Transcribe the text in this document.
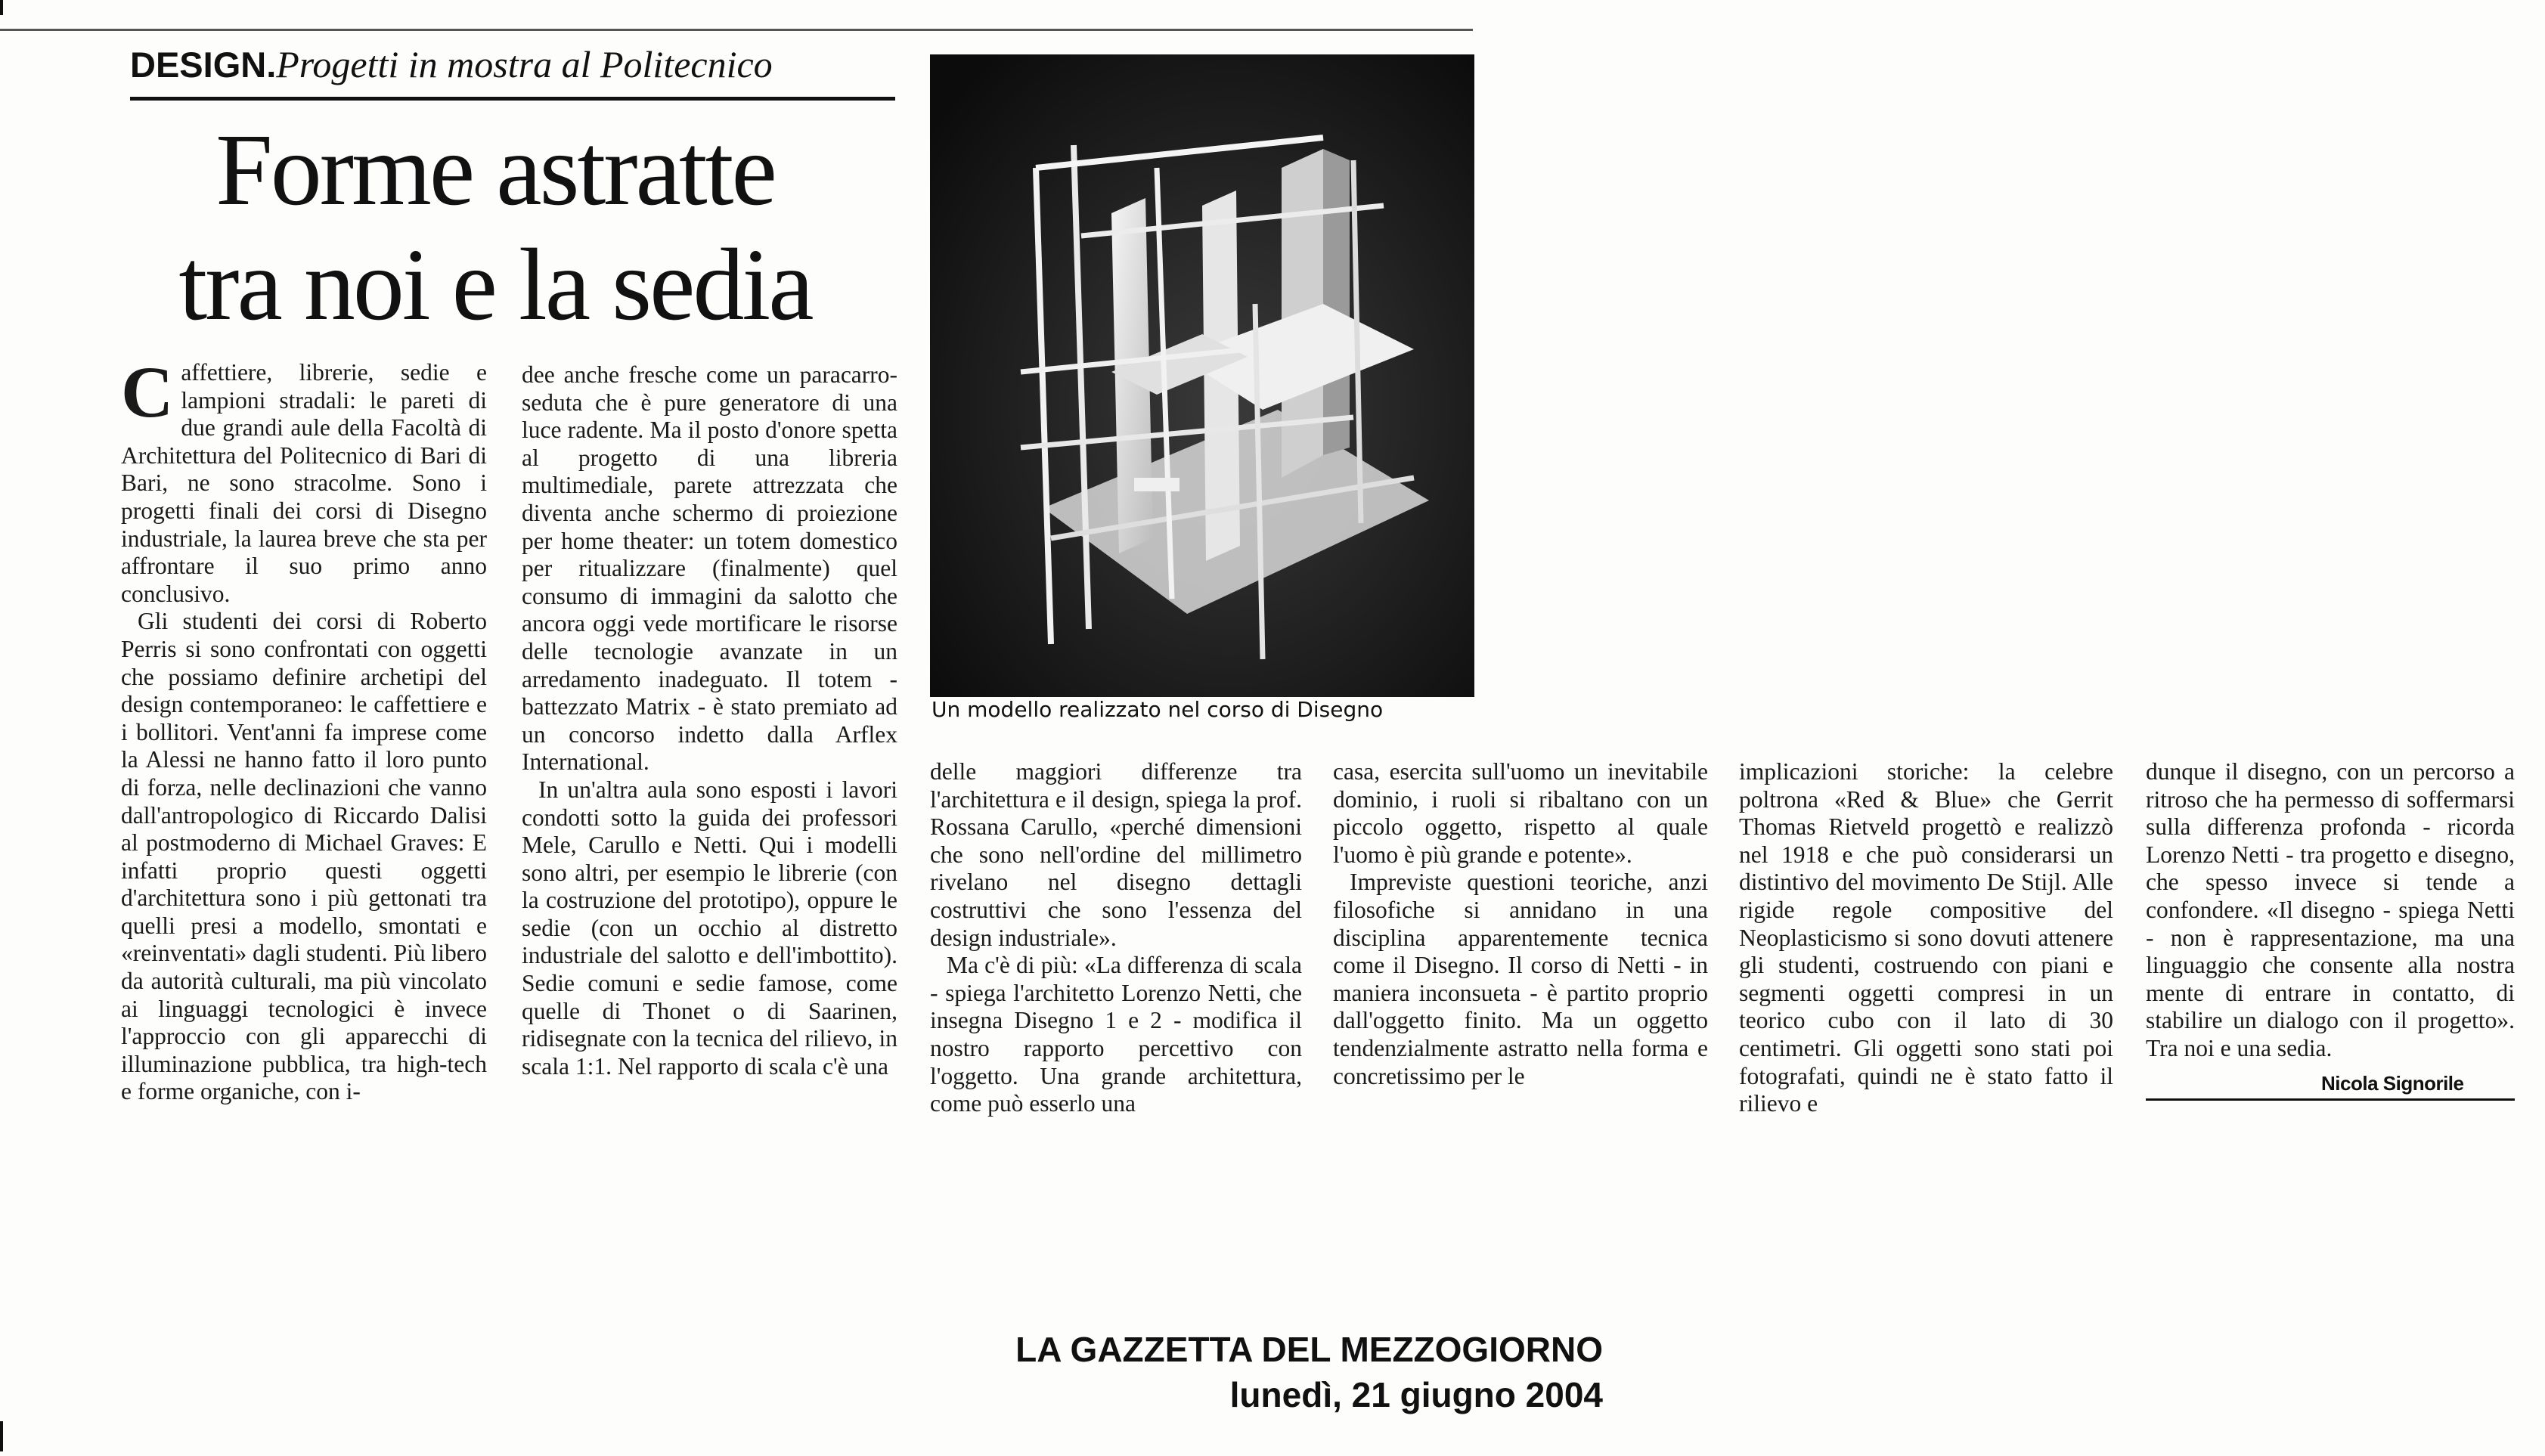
DESIGN.Progetti in mostra al Politecnico
Forme astratte
tra noi e la sedia
Un modello realizzato nel corso di Disegno

Caffettiere, librerie, sedie e lampioni stradali: le pareti di due grandi aule della Facoltà di Architettura del Politecnico di Bari di Bari, ne sono stracolme. Sono i progetti finali dei corsi di Disegno industriale, la laurea breve che sta per affrontare il suo primo anno conclusivo.

Gli studenti dei corsi di Roberto Perris si sono confrontati con oggetti che possiamo definire archetipi del design contemporaneo: le caffettiere e i bollitori. Vent'anni fa imprese come la Alessi ne hanno fatto il loro punto di forza, nelle declinazioni che vanno dall'antropologico di Riccardo Dalisi al postmoderno di Michael Graves: E infatti proprio questi oggetti d'architettura sono i più gettonati tra quelli presi a modello, smontati e «reinventati» dagli studenti. Più libero da autorità culturali, ma più vincolato ai linguaggi tecnologici è invece l'approccio con gli apparecchi di illuminazione pubblica, tra high-tech e forme organiche, con i-

dee anche fresche come un paracarro-seduta che è pure generatore di una luce radente. Ma il posto d'onore spetta al progetto di una libreria multimediale, parete attrezzata che diventa anche schermo di proiezione per home theater: un totem domestico per ritualizzare (finalmente) quel consumo di immagini da salotto che ancora oggi vede mortificare le risorse delle tecnologie avanzate in un arredamento inadeguato. Il totem - battezzato Matrix - è stato premiato ad un concorso indetto dalla Arflex International.

In un'altra aula sono esposti i lavori condotti sotto la guida dei professori Mele, Carullo e Netti. Qui i modelli sono altri, per esempio le librerie (con la costruzione del prototipo), oppure le sedie (con un occhio al distretto industriale del salotto e dell'imbottito). Sedie comuni e sedie famose, come quelle di Thonet o di Saarinen, ridisegnate con la tecnica del rilievo, in scala 1:1. Nel rapporto di scala c'è una

delle maggiori differenze tra l'architettura e il design, spiega la prof. Rossana Carullo, «perché dimensioni che sono nell'ordine del millimetro rivelano nel disegno dettagli costruttivi che sono l'essenza del design industriale».

Ma c'è di più: «La differenza di scala - spiega l'architetto Lorenzo Netti, che insegna Disegno 1 e 2 - modifica il nostro rapporto percettivo con l'oggetto. Una grande architettura, come può esserlo una

casa, esercita sull'uomo un inevitabile dominio, i ruoli si ribaltano con un piccolo oggetto, rispetto al quale l'uomo è più grande e potente».

Impreviste questioni teoriche, anzi filosofiche si annidano in una disciplina apparentemente tecnica come il Disegno. Il corso di Netti - in maniera inconsueta - è partito proprio dall'oggetto finito. Ma un oggetto tendenzialmente astratto nella forma e concretissimo per le

implicazioni storiche: la celebre poltrona «Red & Blue» che Gerrit Thomas Rietveld progettò e realizzò nel 1918 e che può considerarsi un distintivo del movimento De Stijl. Alle rigide regole compositive del Neoplasticismo si sono dovuti attenere gli studenti, costruendo con piani e segmenti oggetti compresi in un teorico cubo con il lato di 30 centimetri. Gli oggetti sono stati poi fotografati, quindi ne è stato fatto il rilievo e

dunque il disegno, con un percorso a ritroso che ha permesso di soffermarsi sulla differenza profonda - ricorda Lorenzo Netti - tra progetto e disegno, che spesso invece si tende a confondere. «Il disegno - spiega Netti - non è rappresentazione, ma una linguaggio che consente alla nostra mente di entrare in contatto, di stabilire un dialogo con il progetto». Tra noi e una sedia.

Nicola Signorile
LA GAZZETTA DEL MEZZOGIORNO
lunedì, 21 giugno 2004
